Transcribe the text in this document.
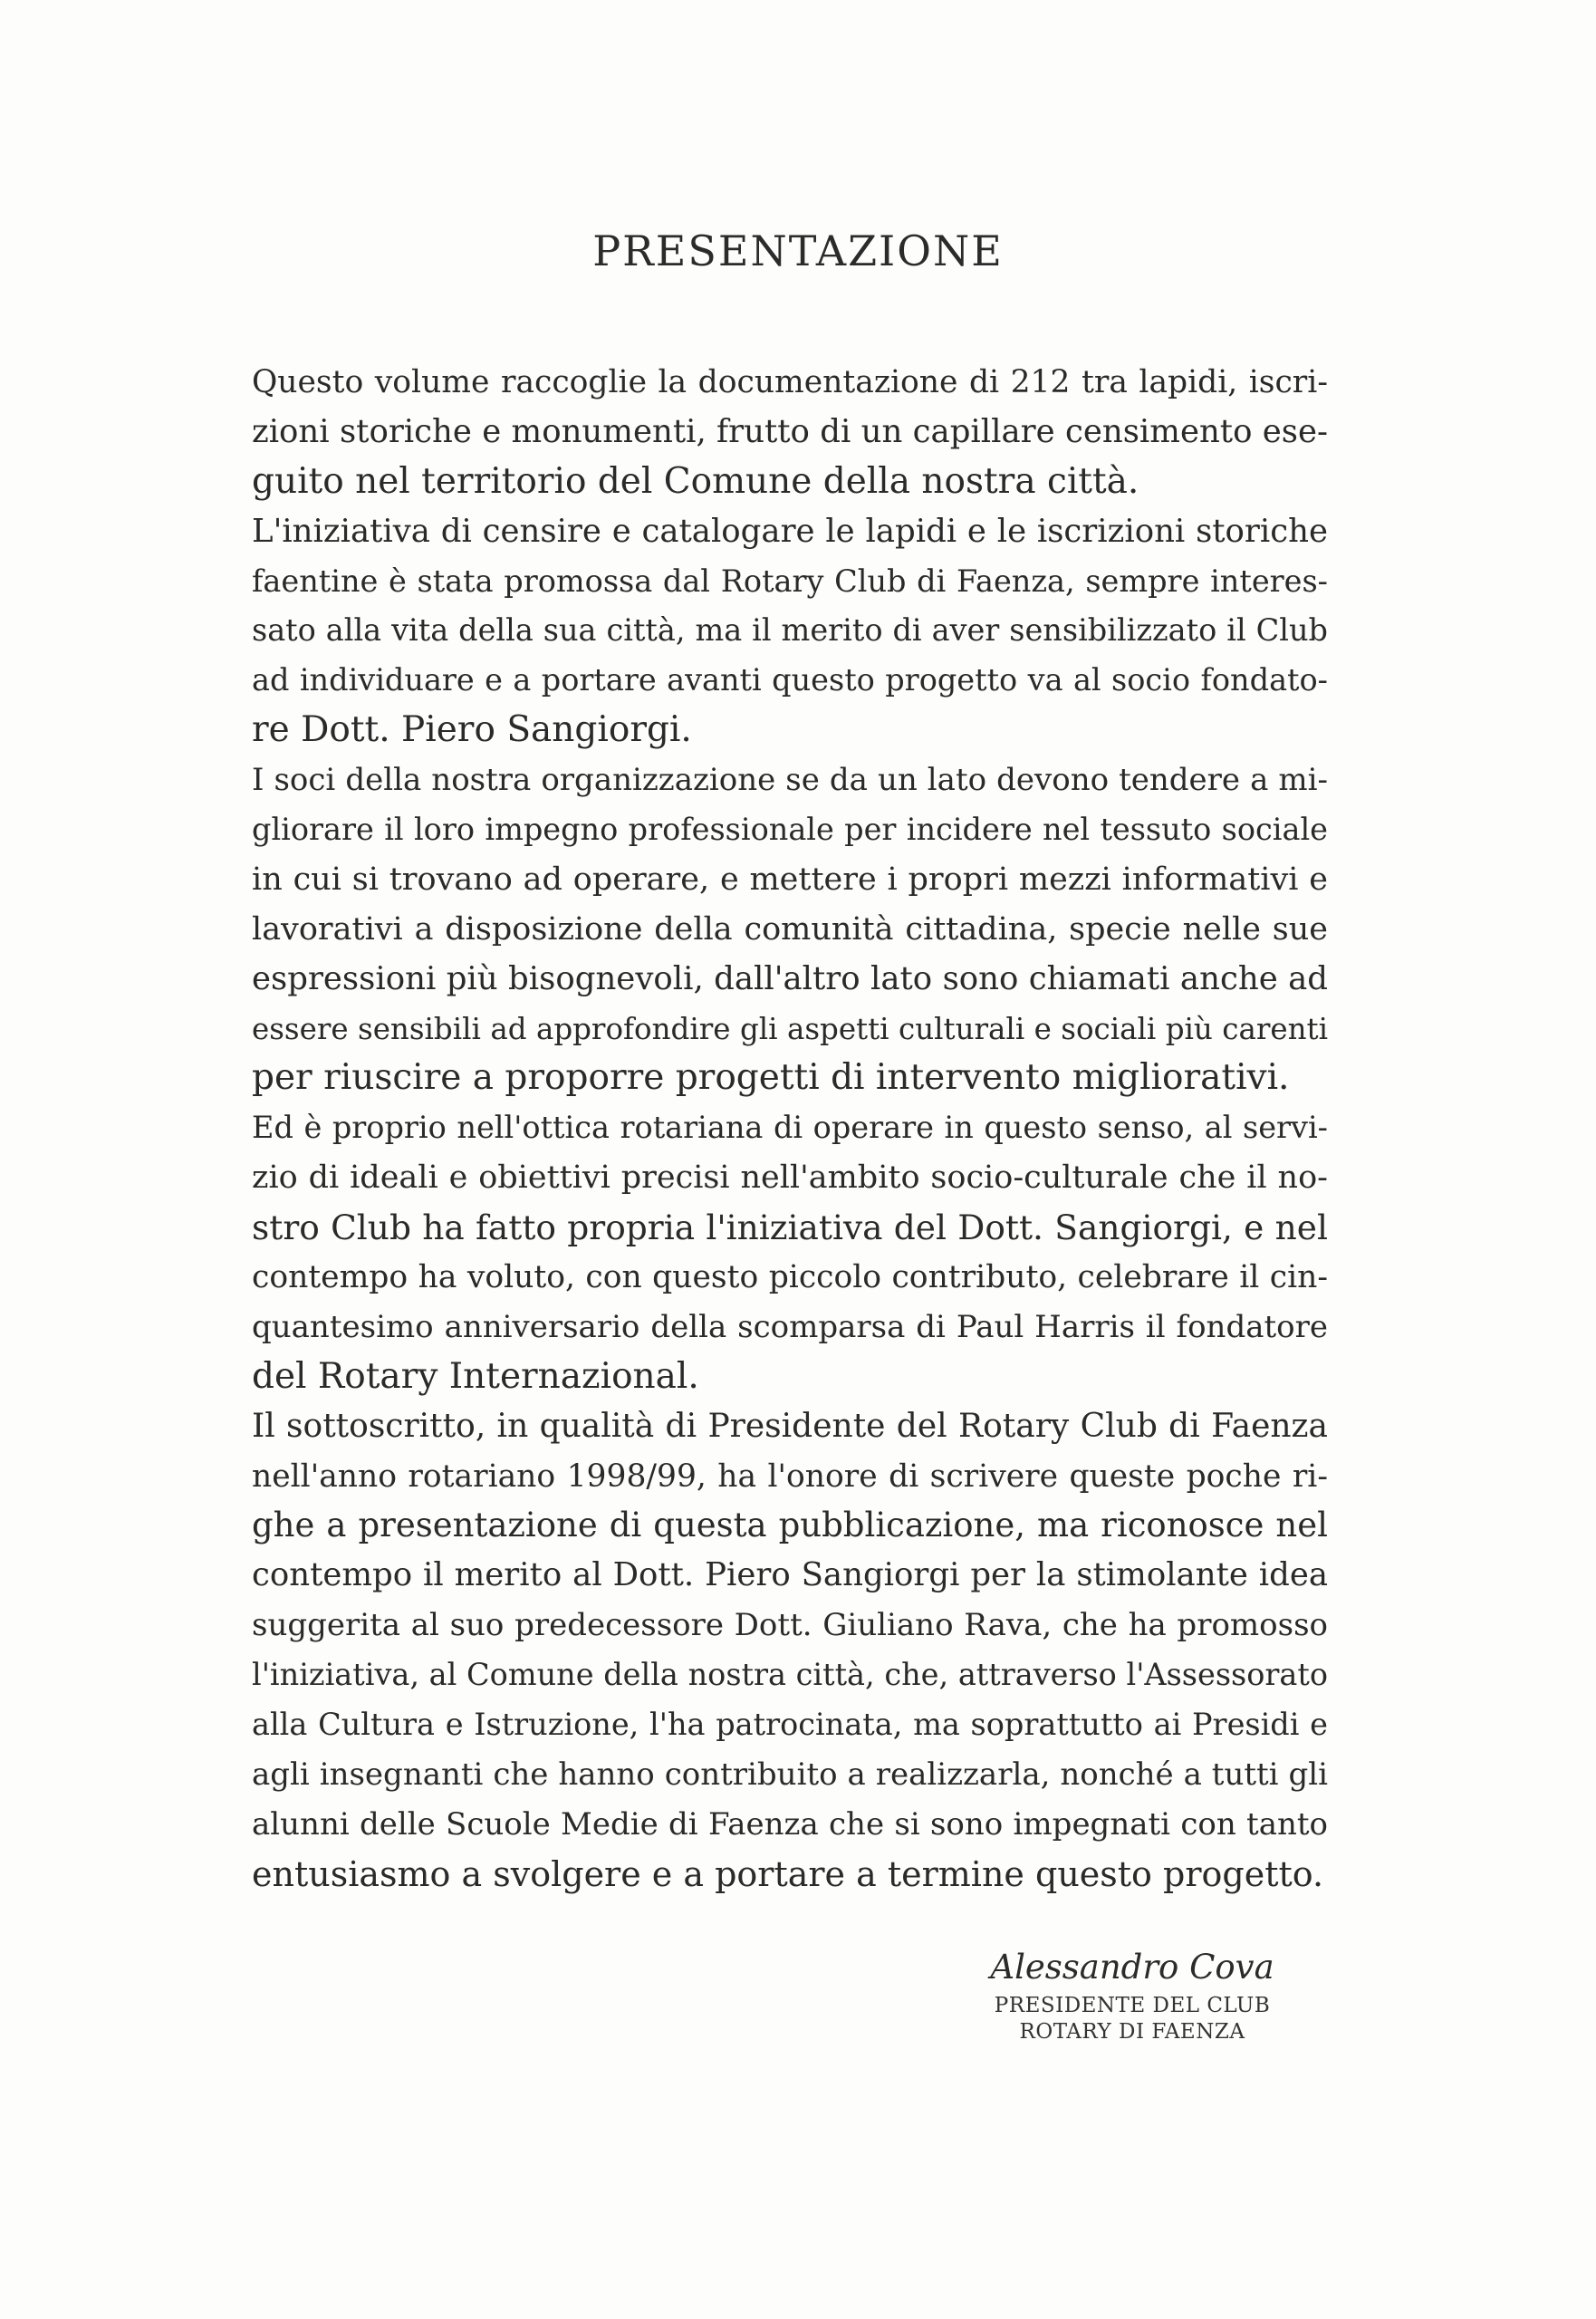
PRESENTAZIONE
Questo volume raccoglie la documentazione di 212 tra lapidi, iscri-
zioni storiche e monumenti, frutto di un capillare censimento ese-
guito nel territorio del Comune della nostra città.
L'iniziativa di censire e catalogare le lapidi e le iscrizioni storiche
faentine è stata promossa dal Rotary Club di Faenza, sempre interes-
sato alla vita della sua città, ma il merito di aver sensibilizzato il Club
ad individuare e a portare avanti questo progetto va al socio fondato-
re Dott. Piero Sangiorgi.
I soci della nostra organizzazione se da un lato devono tendere a mi-
gliorare il loro impegno professionale per incidere nel tessuto sociale
in cui si trovano ad operare, e mettere i propri mezzi informativi e
lavorativi a disposizione della comunità cittadina, specie nelle sue
espressioni più bisognevoli, dall'altro lato sono chiamati anche ad
essere sensibili ad approfondire gli aspetti culturali e sociali più carenti
per riuscire a proporre progetti di intervento migliorativi.
Ed è proprio nell'ottica rotariana di operare in questo senso, al servi-
zio di ideali e obiettivi precisi nell'ambito socio-culturale che il no-
stro Club ha fatto propria l'iniziativa del Dott. Sangiorgi, e nel
contempo ha voluto, con questo piccolo contributo, celebrare il cin-
quantesimo anniversario della scomparsa di Paul Harris il fondatore
del Rotary Internazional.
Il sottoscritto, in qualità di Presidente del Rotary Club di Faenza
nell'anno rotariano 1998/99, ha l'onore di scrivere queste poche ri-
ghe a presentazione di questa pubblicazione, ma riconosce nel
contempo il merito al Dott. Piero Sangiorgi per la stimolante idea
suggerita al suo predecessore Dott. Giuliano Rava, che ha promosso
l'iniziativa, al Comune della nostra città, che, attraverso l'Assessorato
alla Cultura e Istruzione, l'ha patrocinata, ma soprattutto ai Presidi e
agli insegnanti che hanno contribuito a realizzarla, nonché a tutti gli
alunni delle Scuole Medie di Faenza che si sono impegnati con tanto
entusiasmo a svolgere e a portare a termine questo progetto.
Alessandro Cova
PRESIDENTE DEL CLUB
ROTARY DI FAENZA
